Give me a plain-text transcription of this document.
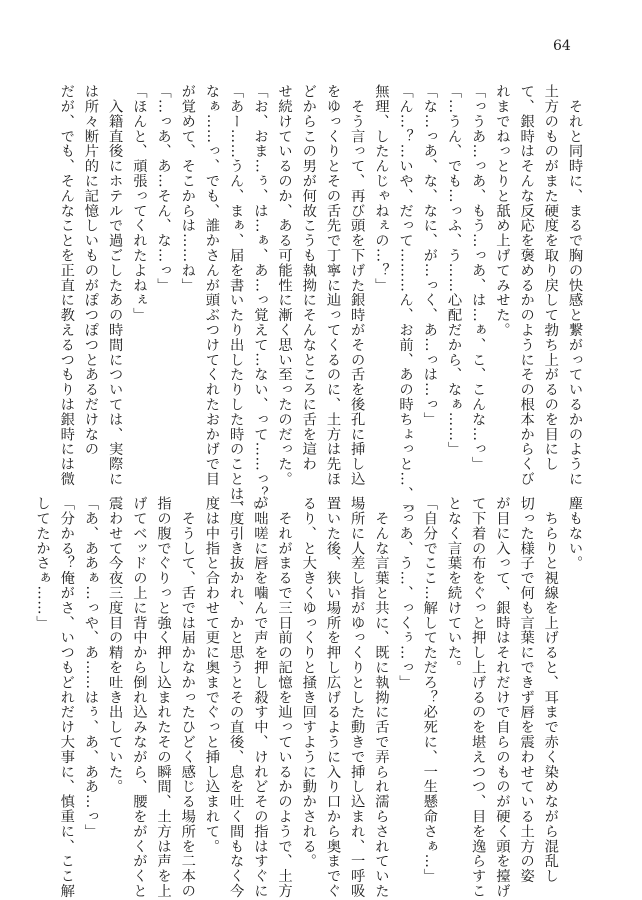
64
　それと同時に、まるで胸の快感と繋がっているかのように
土方のものがまた硬度を取り戻して勃ち上がるのを目にし
て、銀時はそんな反応を褒めるかのようにその根本からくび
れまでねっとりと舐め上げてみせた。
「っうあ…っあ、もう…っあ、は…ぁ、こ、こんな…っ」
「…うん、でも…っふ、う……心配だから、なぁ……」
「な…っあ、な、なに、が…っく、あ…っは…っ」
「ん…？…いや、だって………ん、お前、あの時ちょっと…、っ
無理、したんじゃねぇの…？」
　そう言って、再び頭を下げた銀時がその舌を後孔に挿し込
をゆっくりとその舌先で丁寧に辿ってくるのに、土方は先ほ
どからこの男が何故こうも執拗にそんなところに舌を這わ
せ続けているのか、ある可能性に漸く思い至ったのだった。
「お、おま…ぅ、は…ぁ、あ…っ覚えて…ない、って……っ？」
「あー……うん、まぁ、届を書いたり出したりした時のことは、
なぁ……っ、でも、誰かさんが頭ぶつけてくれたおかげで目
が覚めて、そこからは……ね」
「…っあ、あ…そん、な…っ」
「ほんと、頑張ってくれたよねぇ」
　入籍直後にホテルで過ごしたあの時間については、実際に
は所々断片的に記憶しいものがぽつぽつとあるだけなの
だが、でも、そんなことを正直に教えるつもりは銀時には微
塵もない。
　ちらりと視線を上げると、耳まで赤く染めながら混乱し
切った様子で何も言葉にできず唇を震わせている土方の姿
が目に入って、銀時はそれだけで自らのものが硬く頭を擡げ
て下着の布をぐっと押し上げるのを堪えつつ、目を逸らすこ
となく言葉を続けていた。
「自分でここ…解してただろ？必死に、一生懸命さぁ…」
「っあ、う…、っくぅ…っ」
　そんな言葉と共に、既に執拗に舌で弄られ濡らされていた
場所に人差し指がゆっくりとした動きで挿し込まれ、一呼吸
置いた後、狭い場所を押し広げるように入り口から奥までぐ
るり、と大きくゆっくりと掻き回すように動かされる。
　それがまるで三日前の記憶を辿っているかのようで、土方
が咄嗟に唇を噛んで声を押し殺す中、けれどその指はすぐに
一度引き抜かれ、かと思うとその直後、息を吐く間もなく今
度は中指と合わせて更に奥までぐっと挿し込まれて。
　そうして、舌では届かなかったひどく感じる場所を二本の
指の腹でぐりっと強く押し込まれたその瞬間、土方は声を上
げてベッドの上に背中から倒れ込みながら、腰をがくがくと
震わせて今夜三度目の精を吐き出していた。
「あ、ああぁ…っや、あ……はぅ、あ、ああ…っ」
「分かる？俺がさ、いつもどれだけ大事に、慎重に、ここ解
してたかさぁ……」
